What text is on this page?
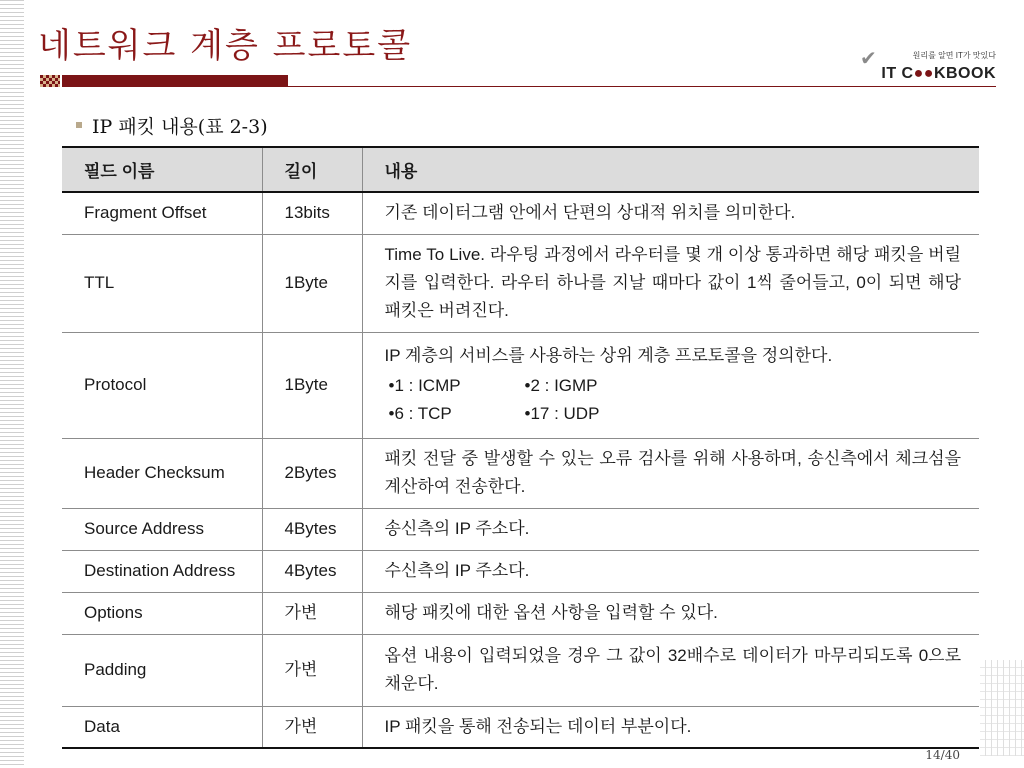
네트워크 계층 프로토콜	✔	원리를 알면 IT가 맛있다
IT C●●KBOOK
IP 패킷 내용(표 2-3)
필드 이름	길이	내용
Fragment Offset	13bits	기존 데이터그램 안에서 단편의 상대적 위치를 의미한다.
TTL	1Byte	Time To Live. 라우팅 과정에서 라우터를 몇 개 이상 통과하면 해당 패킷을 버릴 지를 입력한다. 라우터 하나를 지날 때마다 값이 1씩 줄어들고, 0이 되면 해당 패킷은 버려진다.
Protocol	1Byte	IP 계층의 서비스를 사용하는 상위 계층 프로토콜을 정의한다.
•1 : ICMP •2 : IGMP
•6 : TCP •17 : UDP

Header Checksum	2Bytes	패킷 전달 중 발생할 수 있는 오류 검사를 위해 사용하며, 송신측에서 체크섬을 계산하여 전송한다.
Source Address	4Bytes	송신측의 IP 주소다.
Destination Address	4Bytes	수신측의 IP 주소다.
Options	가변	해당 패킷에 대한 옵션 사항을 입력할 수 있다.
Padding	가변	옵션 내용이 입력되었을 경우 그 값이 32배수로 데이터가 마무리되도록 0으로 채운다.
Data	가변	IP 패킷을 통해 전송되는 데이터 부분이다.
14/40
